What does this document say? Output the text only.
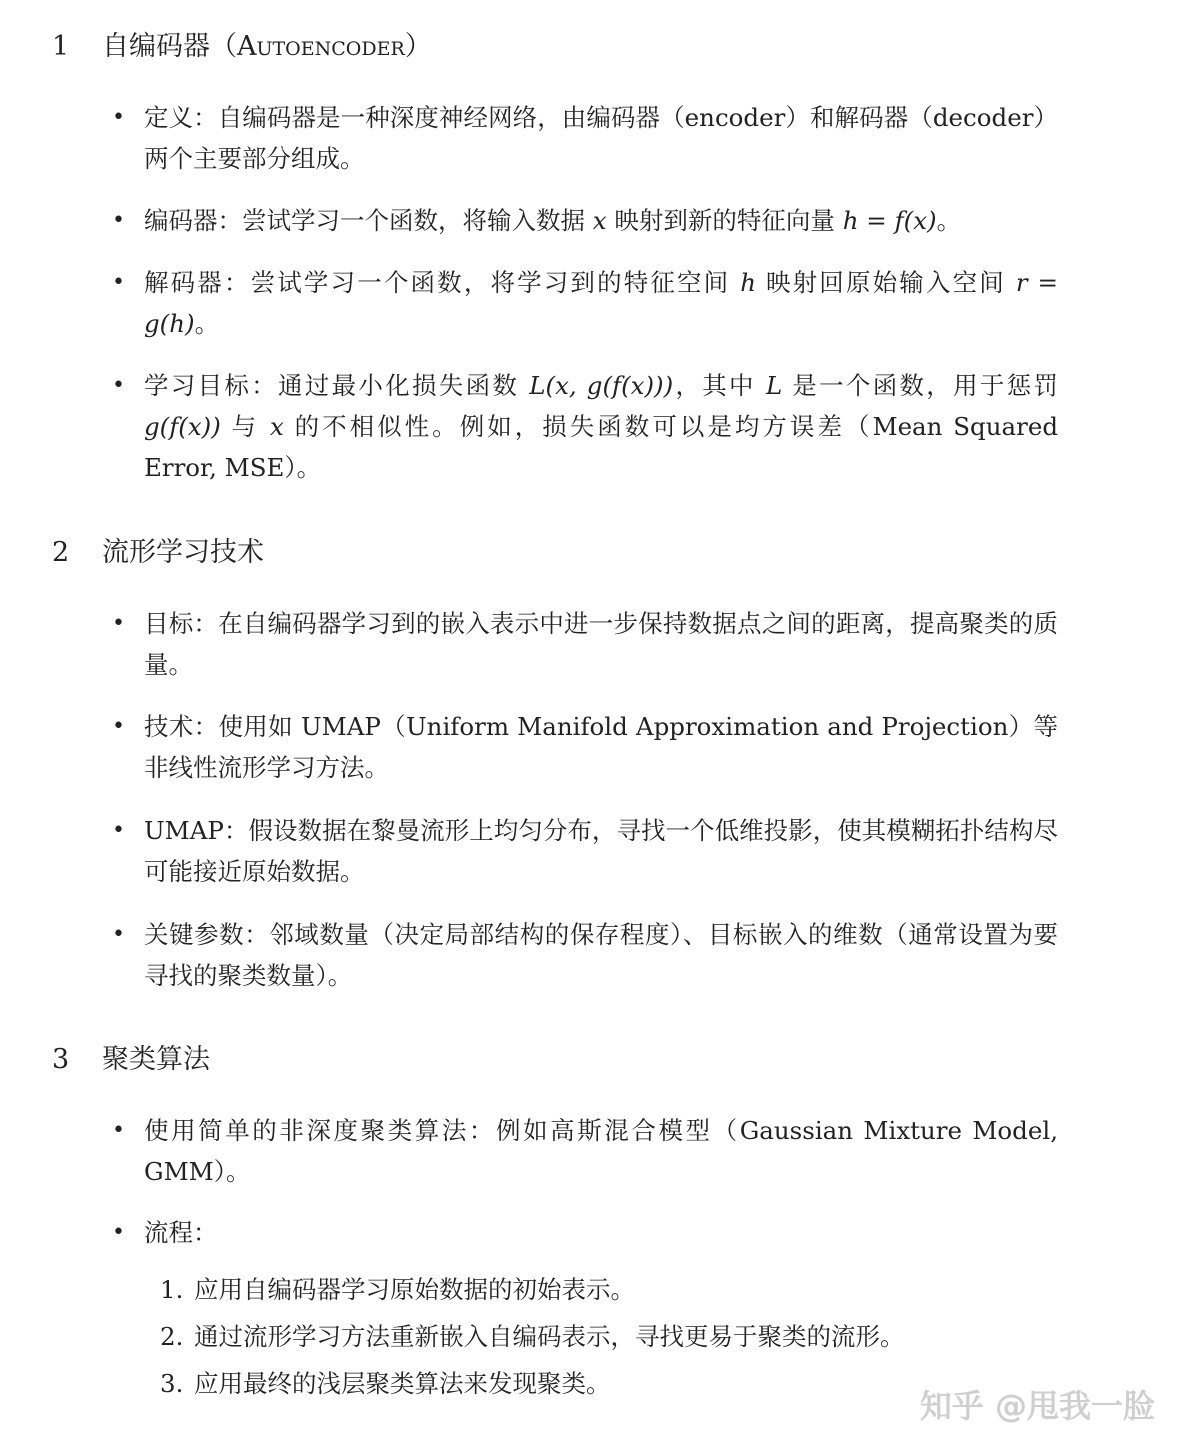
1 自编码器（Autoencoder）
• 定义：自编码器是一种深度神经网络，由编码器（encoder）和解码器（decoder）两个主要部分组成。
• 编码器：尝试学习一个函数，将输入数据 x 映射到新的特征向量 h = f(x)。
• 解码器：尝试学习一个函数，将学习到的特征空间 h 映射回原始输入空间 r = g(h)。
• 学习目标：通过最小化损失函数 L(x, g(f(x)))，其中 L 是一个函数，用于惩罚 g(f(x)) 与 x 的不相似性。例如，损失函数可以是均方误差（Mean Squared Error, MSE）。
2 流形学习技术
• 目标：在自编码器学习到的嵌入表示中进一步保持数据点之间的距离，提高聚类的质量。
• 技术：使用如 UMAP（Uniform Manifold Approximation and Projection）等非线性流形学习方法。
• UMAP：假设数据在黎曼流形上均匀分布，寻找一个低维投影，使其模糊拓扑结构尽可能接近原始数据。
• 关键参数：邻域数量（决定局部结构的保存程度）、目标嵌入的维数（通常设置为要寻找的聚类数量）。
3 聚类算法
• 使用简单的非深度聚类算法：例如高斯混合模型（Gaussian Mixture Model, GMM）。
• 流程：
1. 应用自编码器学习原始数据的初始表示。
2. 通过流形学习方法重新嵌入自编码表示，寻找更易于聚类的流形。
3. 应用最终的浅层聚类算法来发现聚类。
知乎 @甩我一脸
